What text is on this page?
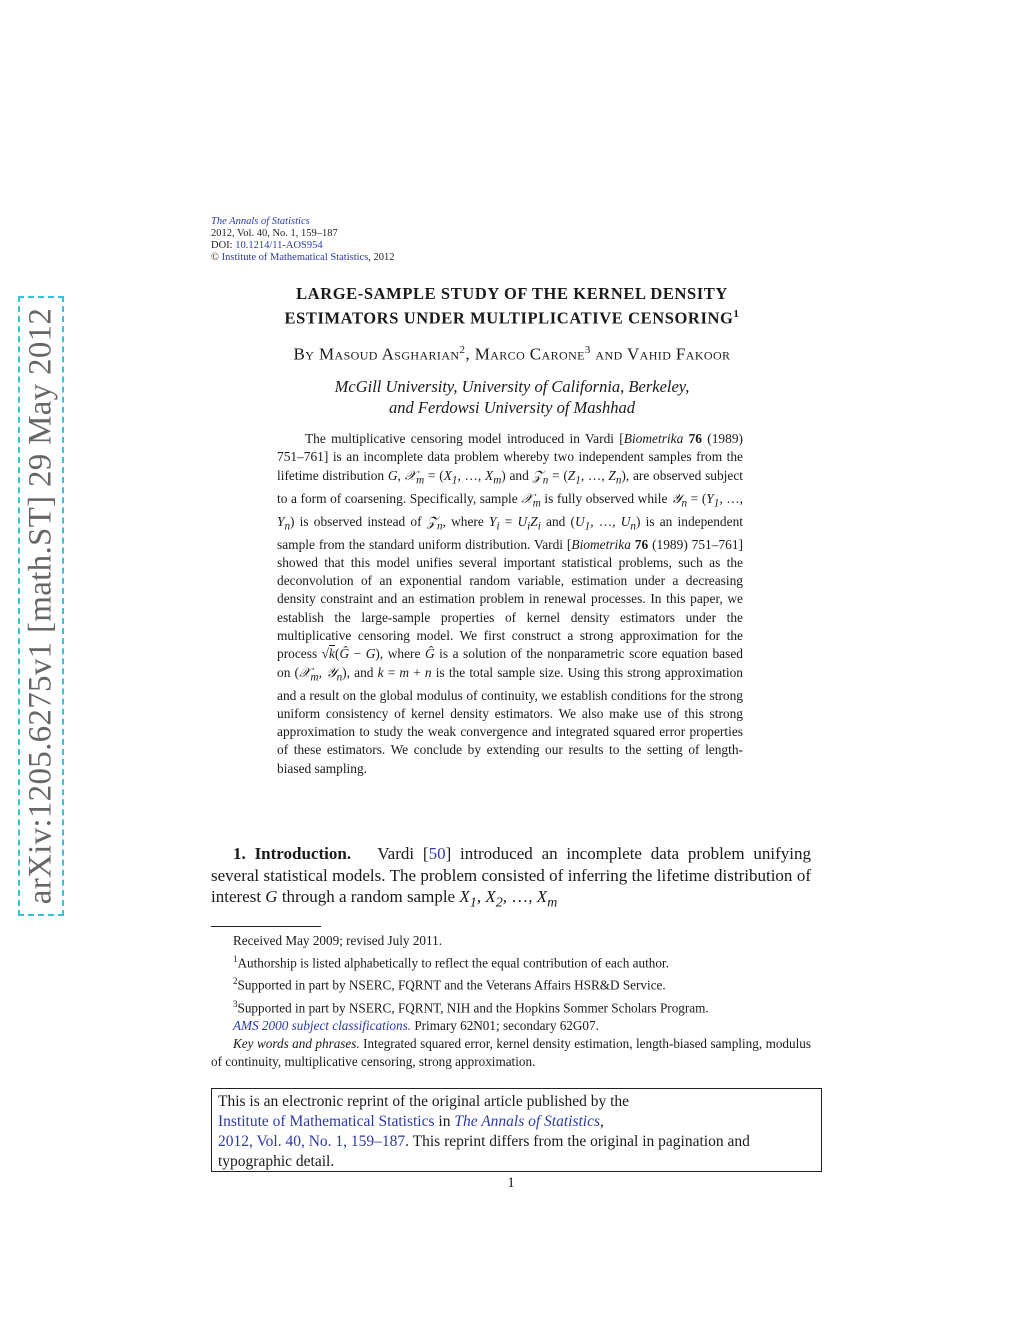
arXiv:1205.6275v1 [math.ST] 29 May 2012
The Annals of Statistics
2012, Vol. 40, No. 1, 159–187
DOI: 10.1214/11-AOS954
© Institute of Mathematical Statistics, 2012
LARGE-SAMPLE STUDY OF THE KERNEL DENSITY
ESTIMATORS UNDER MULTIPLICATIVE CENSORING$^1$
By Masoud Asgharian$^2$, Marco Carone$^3$ and Vahid Fakoor
McGill University, University of California, Berkeley,
and Ferdowsi University of Mashhad
The multiplicative censoring model introduced in Vardi [Biometrika 76 (1989) 751–761] is an incomplete data problem whereby two independent samples from the lifetime distribution G, 𝒳$_m$ = ($X_1$, …, $X_m$) and 𝒵$_n$ = ($Z_1$, …, $Z_n$), are observed subject to a form of coarsening. Specifically, sample 𝒳$_m$ is fully observed while 𝒴$_n$ = ($Y_1$, …, $Y_n$) is observed instead of 𝒵$_n$, where $Y_i = U_iZ_i$ and ($U_1$, …, $U_n$) is an independent sample from the standard uniform distribution. Vardi [Biometrika 76 (1989) 751–761] showed that this model unifies several important statistical problems, such as the deconvolution of an exponential random variable, estimation under a decreasing density constraint and an estimation problem in renewal processes. In this paper, we establish the large-sample properties of kernel density estimators under the multiplicative censoring model. We first construct a strong approximation for the process √k(Ĝ − G), where Ĝ is a solution of the nonparametric score equation based on (𝒳$_m$, 𝒴$_n$), and k = m + n is the total sample size. Using this strong approximation and a result on the global modulus of continuity, we establish conditions for the strong uniform consistency of kernel density estimators. We also make use of this strong approximation to study the weak convergence and integrated squared error properties of these estimators. We conclude by extending our results to the setting of length-biased sampling.
1. Introduction. Vardi [50] introduced an incomplete data problem unifying several statistical models. The problem consisted of inferring the lifetime distribution of interest G through a random sample $X_1$, $X_2$, …, $X_m$

Received May 2009; revised July 2011.

$^1$Authorship is listed alphabetically to reflect the equal contribution of each author.

$^2$Supported in part by NSERC, FQRNT and the Veterans Affairs HSR&D Service.

$^3$Supported in part by NSERC, FQRNT, NIH and the Hopkins Sommer Scholars Program.

AMS 2000 subject classifications. Primary 62N01; secondary 62G07.

Key words and phrases. Integrated squared error, kernel density estimation, length-biased sampling, modulus of continuity, multiplicative censoring, strong approximation.

This is an electronic reprint of the original article published by the
Institute of Mathematical Statistics in The Annals of Statistics,
2012, Vol. 40, No. 1, 159–187. This reprint differs from the original in pagination and typographic detail.
1
